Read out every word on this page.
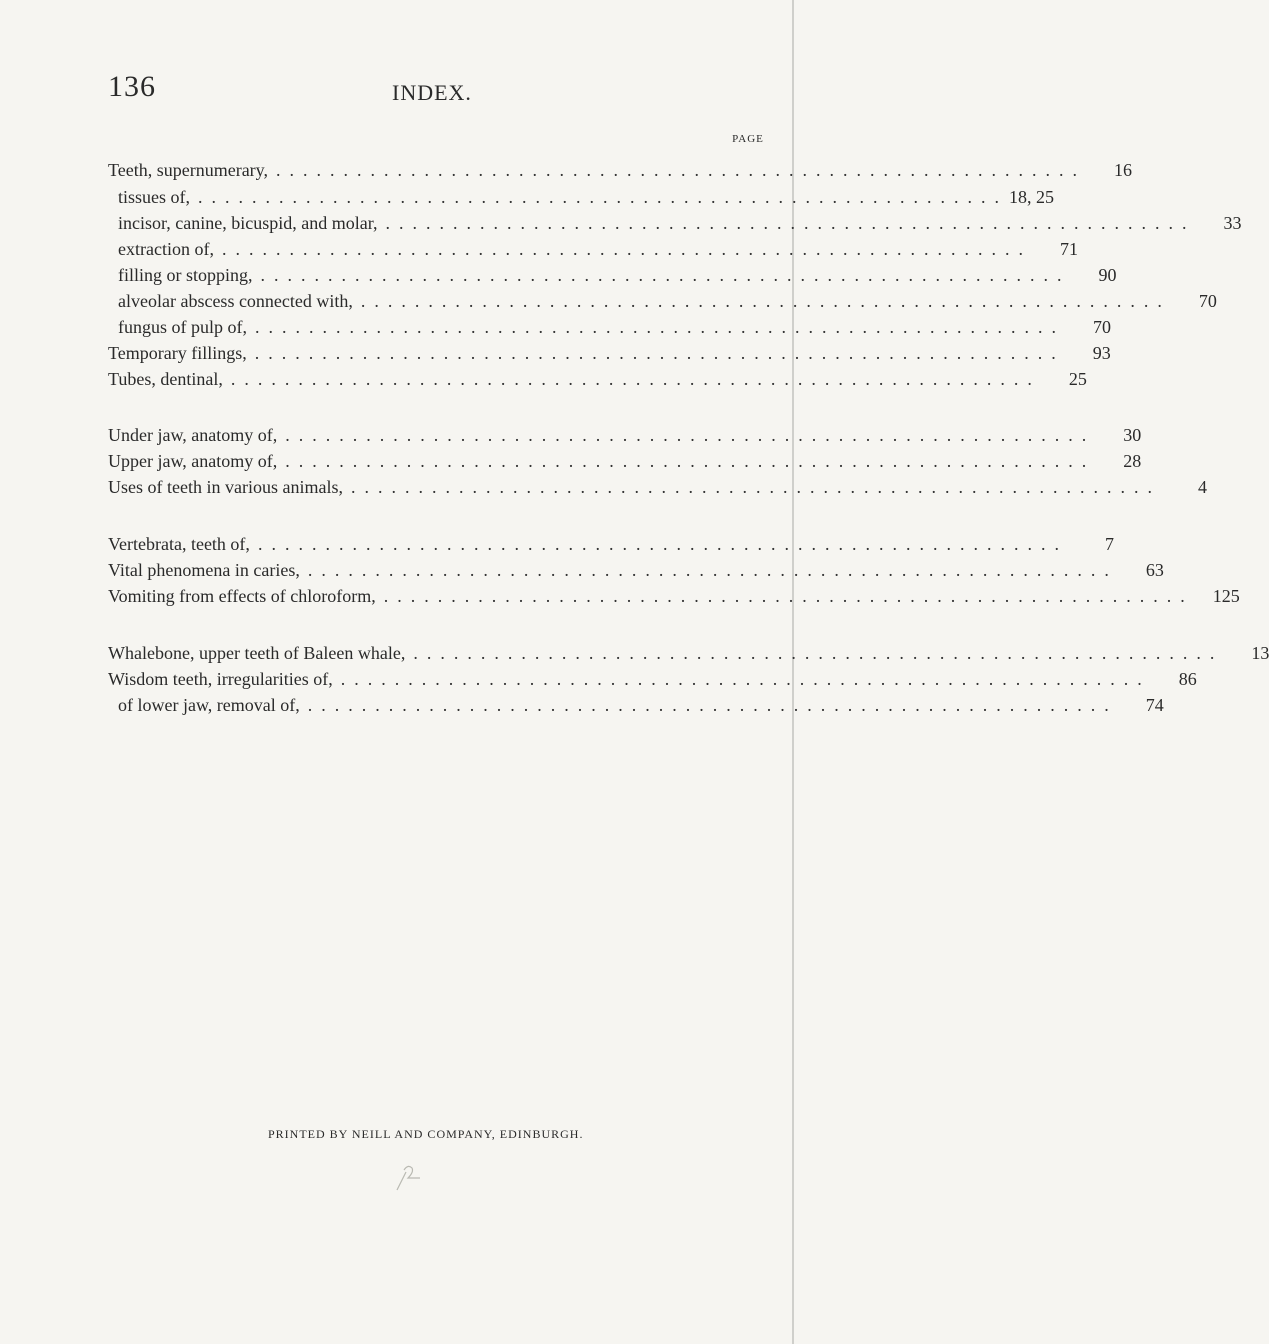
136	INDEX.
PAGE
Teeth, supernumerary, ............................................................	16
tissues of, ............................................................ 18, 25
incisor, canine, bicuspid, and molar, ............................................................	33
extraction of, ............................................................	71
filling or stopping, ............................................................	90
alveolar abscess connected with, ............................................................	70
fungus of pulp of, ............................................................	70
Temporary fillings, ............................................................	93
Tubes, dentinal, ............................................................	25
Under jaw, anatomy of, ............................................................	30
Upper jaw, anatomy of, ............................................................	28
Uses of teeth in various animals, ............................................................	4
Vertebrata, teeth of, ............................................................	7
Vital phenomena in caries, ............................................................	63
Vomiting from effects of chloroform, ............................................................	125
Whalebone, upper teeth of Baleen whale, ............................................................	13
Wisdom teeth, irregularities of, ............................................................	86
of lower jaw, removal of, ............................................................	74
PRINTED BY NEILL AND COMPANY, EDINBURGH.
